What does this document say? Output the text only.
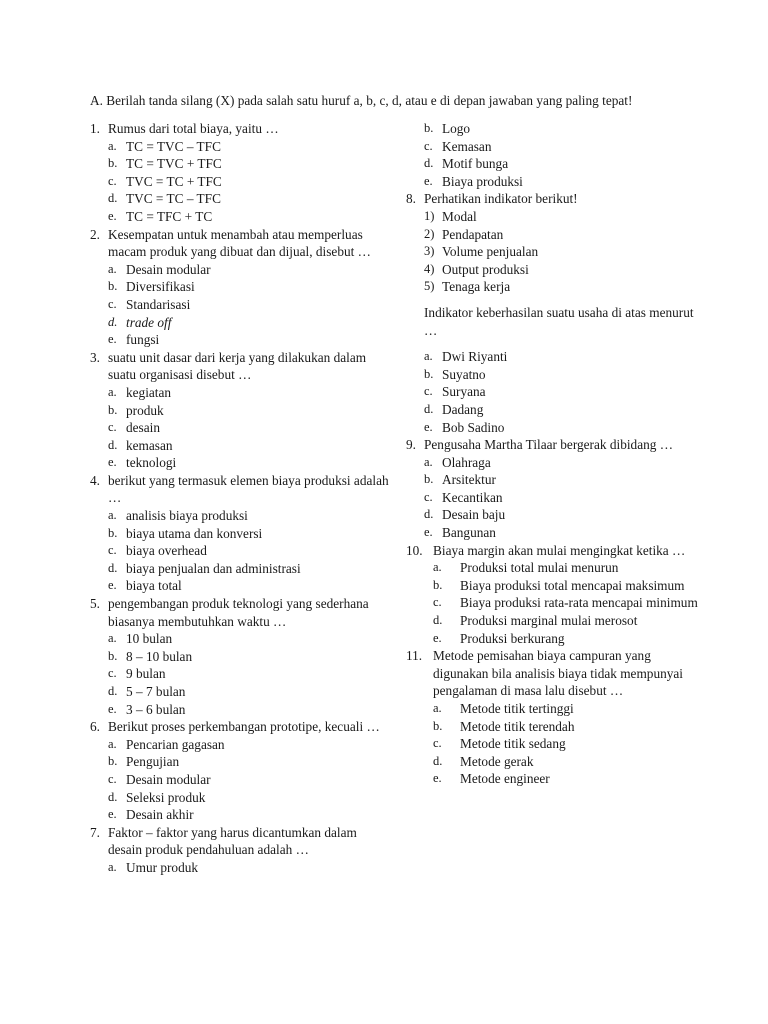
A. Berilah tanda silang (X) pada salah satu huruf a, b, c, d, atau e di depan jawaban yang paling tepat!
1. Rumus dari total biaya, yaitu …
a. TC = TVC – TFC
b. TC = TVC + TFC
c. TVC = TC + TFC
d. TVC = TC – TFC
e. TC = TFC + TC
2. Kesempatan untuk menambah atau memperluas macam produk yang dibuat dan dijual, disebut …
a. Desain modular
b. Diversifikasi
c. Standarisasi
d. trade off
e. fungsi
3. suatu unit dasar dari kerja yang dilakukan dalam suatu organisasi disebut …
a. kegiatan
b. produk
c. desain
d. kemasan
e. teknologi
4. berikut yang termasuk elemen biaya produksi adalah …
a. analisis biaya produksi
b. biaya utama dan konversi
c. biaya overhead
d. biaya penjualan dan administrasi
e. biaya total
5. pengembangan produk teknologi yang sederhana biasanya membutuhkan waktu …
a. 10 bulan
b. 8 – 10 bulan
c. 9 bulan
d. 5 – 7 bulan
e. 3 – 6 bulan
6. Berikut proses perkembangan prototipe, kecuali …
a. Pencarian gagasan
b. Pengujian
c. Desain modular
d. Seleksi produk
e. Desain akhir
7. Faktor – faktor yang harus dicantumkan dalam desain produk pendahuluan adalah …
a. Umur produk
b. Logo
c. Kemasan
d. Motif bunga
e. Biaya produksi
8. Perhatikan indikator berikut!
1) Modal
2) Pendapatan
3) Volume penjualan
4) Output produksi
5) Tenaga kerja
Indikator keberhasilan suatu usaha di atas menurut …
a. Dwi Riyanti
b. Suyatno
c. Suryana
d. Dadang
e. Bob Sadino
9. Pengusaha Martha Tilaar bergerak dibidang …
a. Olahraga
b. Arsitektur
c. Kecantikan
d. Desain baju
e. Bangunan
10. Biaya margin akan mulai mengingkat ketika …
a. Produksi total mulai menurun
b. Biaya produksi total mencapai maksimum
c. Biaya produksi rata-rata mencapai minimum
d. Produksi marginal mulai merosot
e. Produksi berkurang
11. Metode pemisahan biaya campuran yang digunakan bila analisis biaya tidak mempunyai pengalaman di masa lalu disebut …
a. Metode titik tertinggi
b. Metode titik terendah
c. Metode titik sedang
d. Metode gerak
e. Metode engineer
